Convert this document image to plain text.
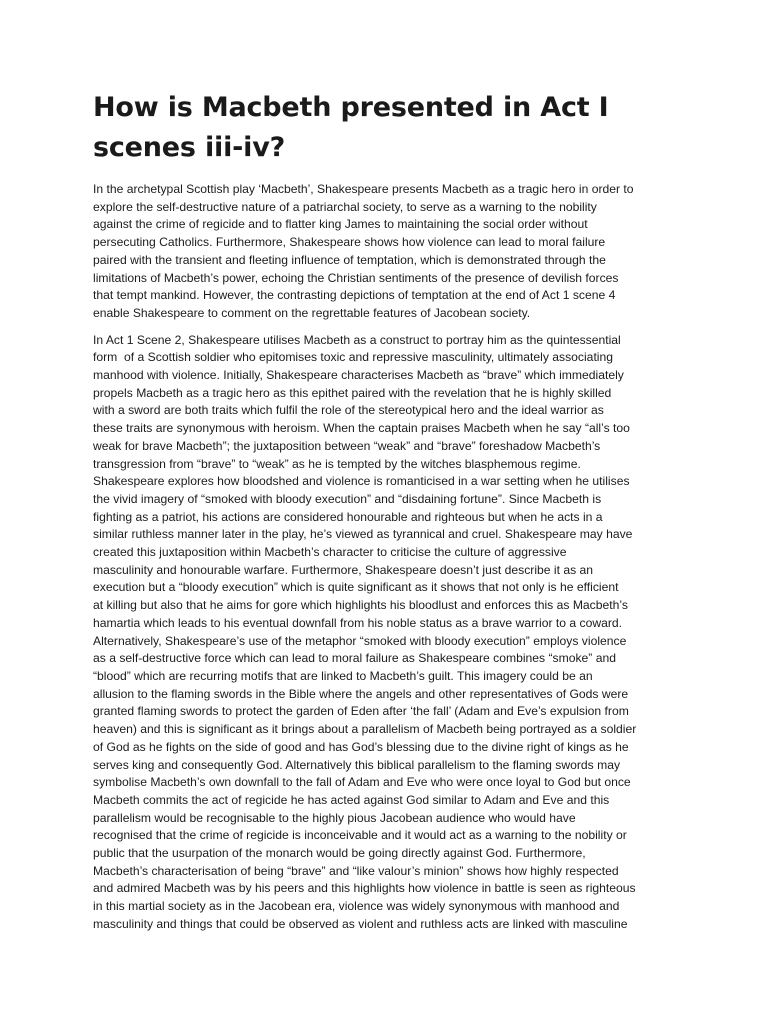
How is Macbeth presented in Act I
scenes iii-iv?

In the archetypal Scottish play ‘Macbeth’, Shakespeare presents Macbeth as a tragic hero in order to
explore the self-destructive nature of a patriarchal society, to serve as a warning to the nobility
against the crime of regicide and to flatter king James to maintaining the social order without
persecuting Catholics. Furthermore, Shakespeare shows how violence can lead to moral failure
paired with the transient and fleeting influence of temptation, which is demonstrated through the
limitations of Macbeth’s power, echoing the Christian sentiments of the presence of devilish forces
that tempt mankind. However, the contrasting depictions of temptation at the end of Act 1 scene 4
enable Shakespeare to comment on the regrettable features of Jacobean society.

In Act 1 Scene 2, Shakespeare utilises Macbeth as a construct to portray him as the quintessential
form  of a Scottish soldier who epitomises toxic and repressive masculinity, ultimately associating
manhood with violence. Initially, Shakespeare characterises Macbeth as “brave” which immediately
propels Macbeth as a tragic hero as this epithet paired with the revelation that he is highly skilled
with a sword are both traits which fulfil the role of the stereotypical hero and the ideal warrior as
these traits are synonymous with heroism. When the captain praises Macbeth when he say “all’s too
weak for brave Macbeth”; the juxtaposition between “weak” and “brave” foreshadow Macbeth’s
transgression from “brave” to “weak” as he is tempted by the witches blasphemous regime.
Shakespeare explores how bloodshed and violence is romanticised in a war setting when he utilises
the vivid imagery of “smoked with bloody execution” and “disdaining fortune”. Since Macbeth is
fighting as a patriot, his actions are considered honourable and righteous but when he acts in a
similar ruthless manner later in the play, he’s viewed as tyrannical and cruel. Shakespeare may have
created this juxtaposition within Macbeth’s character to criticise the culture of aggressive
masculinity and honourable warfare. Furthermore, Shakespeare doesn’t just describe it as an
execution but a “bloody execution” which is quite significant as it shows that not only is he efficient
at killing but also that he aims for gore which highlights his bloodlust and enforces this as Macbeth’s
hamartia which leads to his eventual downfall from his noble status as a brave warrior to a coward.
Alternatively, Shakespeare’s use of the metaphor “smoked with bloody execution” employs violence
as a self-destructive force which can lead to moral failure as Shakespeare combines “smoke” and
“blood” which are recurring motifs that are linked to Macbeth’s guilt. This imagery could be an
allusion to the flaming swords in the Bible where the angels and other representatives of Gods were
granted flaming swords to protect the garden of Eden after ‘the fall’ (Adam and Eve’s expulsion from
heaven) and this is significant as it brings about a parallelism of Macbeth being portrayed as a soldier
of God as he fights on the side of good and has God’s blessing due to the divine right of kings as he
serves king and consequently God. Alternatively this biblical parallelism to the flaming swords may
symbolise Macbeth’s own downfall to the fall of Adam and Eve who were once loyal to God but once
Macbeth commits the act of regicide he has acted against God similar to Adam and Eve and this
parallelism would be recognisable to the highly pious Jacobean audience who would have
recognised that the crime of regicide is inconceivable and it would act as a warning to the nobility or
public that the usurpation of the monarch would be going directly against God. Furthermore,
Macbeth’s characterisation of being “brave” and “like valour’s minion” shows how highly respected
and admired Macbeth was by his peers and this highlights how violence in battle is seen as righteous
in this martial society as in the Jacobean era, violence was widely synonymous with manhood and
masculinity and things that could be observed as violent and ruthless acts are linked with masculine
